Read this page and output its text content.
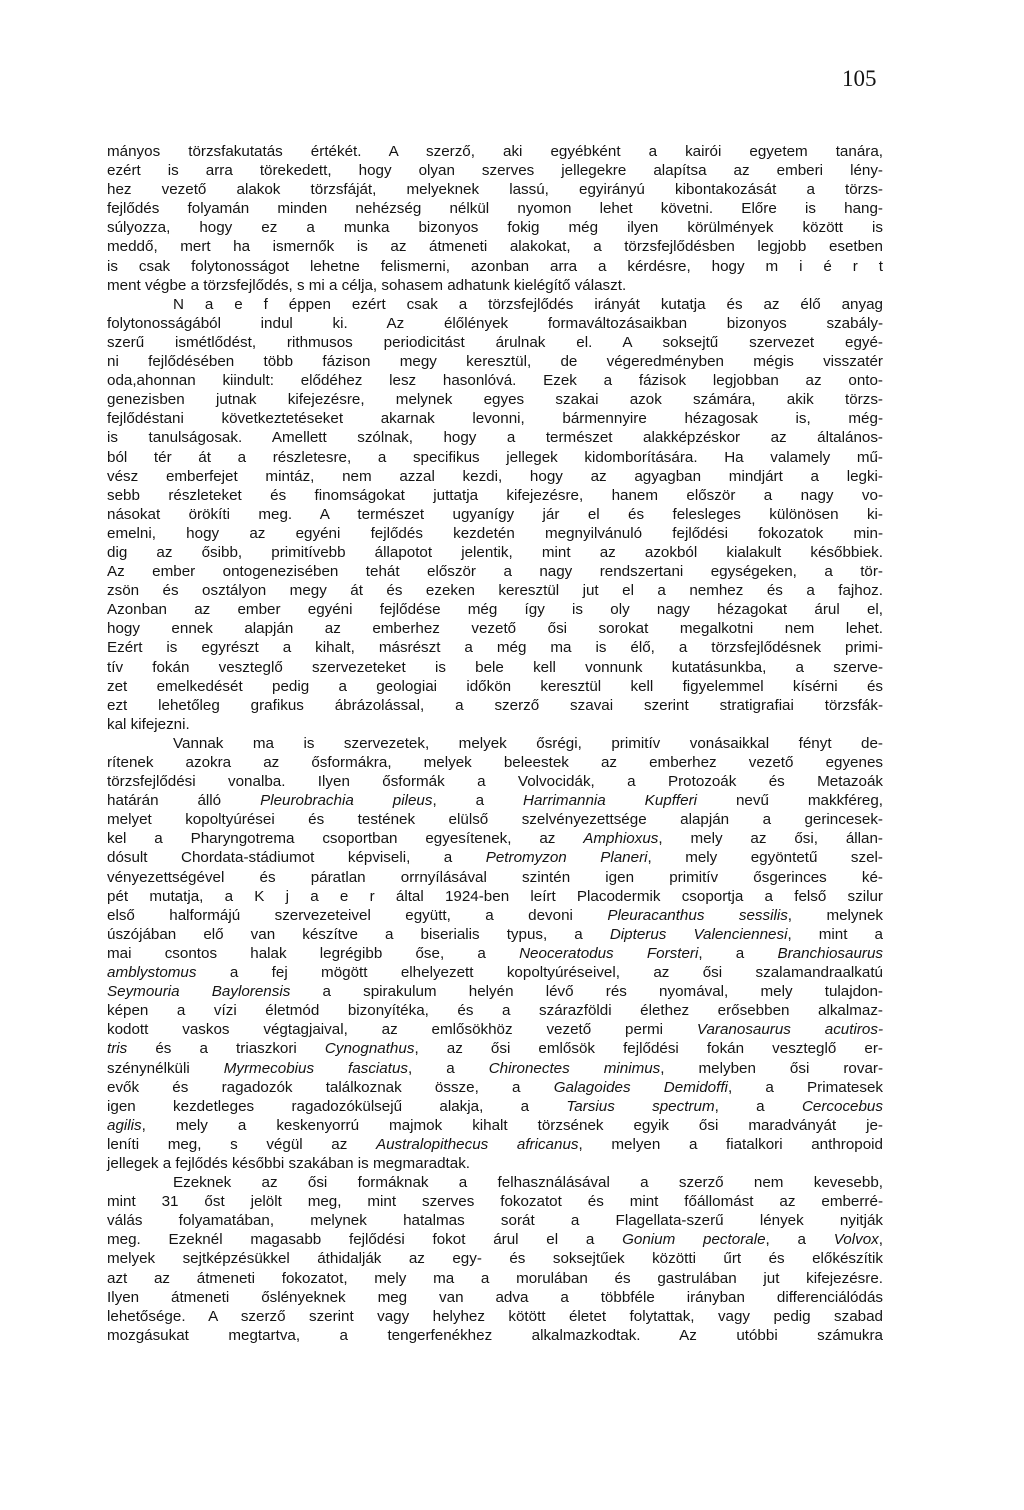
105
mányos törzsfakutatás értékét. A szerző, aki egyébként a kairói egyetem tanára,
ezért is arra törekedett, hogy olyan szerves jellegekre alapítsa az emberi lény-
hez vezető alakok törzsfáját, melyeknek lassú, egyirányú kibontakozását a törzs-
fejlődés folyamán minden nehézség nélkül nyomon lehet követni. Előre is hang-
súlyozza, hogy ez a munka bizonyos fokig még ilyen körülmények között is
meddő, mert ha ismernők is az átmeneti alakokat, a törzsfejlődésben legjobb esetben
is csak folytonosságot lehetne felismerni, azonban arra a kérdésre, hogy m i é r t
ment végbe a törzsfejlődés, s mi a célja, sohasem adhatunk kielégítő választ.
N a e f éppen ezért csak a törzsfejlődés irányát kutatja és az élő anyag
folytonosságából indul ki. Az élőlények formaváltozásaikban bizonyos szabály-
szerű ismétlődést, rithmusos periodicitást árulnak el. A soksejtű szervezet egyé-
ni fejlődésében több fázison megy keresztül, de végeredményben mégis visszatér
oda,ahonnan kiindult: elődéhez lesz hasonlóvá. Ezek a fázisok legjobban az onto-
genezisben jutnak kifejezésre, melynek egyes szakai azok számára, akik törzs-
fejlődéstani következtetéseket akarnak levonni, bármennyire hézagosak is, még-
is tanulságosak. Amellett szólnak, hogy a természet alakképzéskor az általános-
ból tér át a részletesre, a specifikus jellegek kidomborítására. Ha valamely mű-
vész emberfejet mintáz, nem azzal kezdi, hogy az agyagban mindjárt a legki-
sebb részleteket és finomságokat juttatja kifejezésre, hanem először a nagy vo-
násokat örökíti meg. A természet ugyanígy jár el és felesleges különösen ki-
emelni, hogy az egyéni fejlődés kezdetén megnyilvánuló fejlődési fokozatok min-
dig az ősibb, primitívebb állapotot jelentik, mint az azokból kialakult későbbiek.
Az ember ontogenezisében tehát először a nagy rendszertani egységeken, a tör-
zsön és osztályon megy át és ezeken keresztül jut el a nemhez és a fajhoz.
Azonban az ember egyéni fejlődése még így is oly nagy hézagokat árul el,
hogy ennek alapján az emberhez vezető ősi sorokat megalkotni nem lehet.
Ezért is egyrészt a kihalt, másrészt a még ma is élő, a törzsfejlődésnek primi-
tív fokán veszteglő szervezeteket is bele kell vonnunk kutatásunkba, a szerve-
zet emelkedését pedig a geologiai időkön keresztül kell figyelemmel kísérni és
ezt lehetőleg grafikus ábrázolással, a szerző szavai szerint stratigrafiai törzsfák-
kal kifejezni.
Vannak ma is szervezetek, melyek ősrégi, primitív vonásaikkal fényt de-
rítenek azokra az ősformákra, melyek beleestek az emberhez vezető egyenes
törzsfejlődési vonalba. Ilyen ősformák a Volvocidák, a Protozoák és Metazoák
határán álló Pleurobrachia pileus, a Harrimannia Kupfferi nevű makkféreg,
melyet kopoltyúrései és testének elülső szelvényezettsége alapján a gerincesek-
kel a Pharyngotrema csoportban egyesítenek, az Amphioxus, mely az ősi, állan-
dósult Chordata-stádiumot képviseli, a Petromyzon Planeri, mely egyöntetű szel-
vényezettségével és páratlan orrnyílásával szintén igen primitív ősgerinces ké-
pét mutatja, a K j a e r által 1924-ben leírt Placodermik csoportja a felső szilur
első halformájú szervezeteivel együtt, a devoni Pleuracanthus sessilis, melynek
úszójában elő van készítve a biserialis typus, a Dipterus Valenciennesi, mint a
mai csontos halak legrégibb őse, a Neoceratodus Forsteri, a Branchiosaurus
amblystomus a fej mögött elhelyezett kopoltyúréseivel, az ősi szalamandraalkatú
Seymouria Baylorensis a spirakulum helyén lévő rés nyomával, mely tulajdon-
képen a vízi életmód bizonyítéka, és a szárazföldi élethez erősebben alkalmaz-
kodott vaskos végtagjaival, az emlősökhöz vezető permi Varanosaurus acutiros-
tris és a triaszkori Cynognathus, az ősi emlősök fejlődési fokán veszteglő er-
szénynélküli Myrmecobius fasciatus, a Chironectes minimus, melyben ősi rovar-
evők és ragadozók találkoznak össze, a Galagoides Demidoffi, a Primatesek
igen kezdetleges ragadozókülsejű alakja, a Tarsius spectrum, a Cercocebus
agilis, mely a keskenyorrú majmok kihalt törzsének egyik ősi maradványát je-
leníti meg, s végül az Australopithecus africanus, melyen a fiatalkori anthropoid
jellegek a fejlődés későbbi szakában is megmaradtak.
Ezeknek az ősi formáknak a felhasználásával a szerző nem kevesebb,
mint 31 őst jelölt meg, mint szerves fokozatot és mint főállomást az emberré-
válás folyamatában, melynek hatalmas sorát a Flagellata-szerű lények nyitják
meg. Ezeknél magasabb fejlődési fokot árul el a Gonium pectorale, a Volvox,
melyek sejtképzésükkel áthidalják az egy- és soksejtűek közötti űrt és előkészítik
azt az átmeneti fokozatot, mely ma a morulában és gastrulában jut kifejezésre.
Ilyen átmeneti őslényeknek meg van adva a többféle irányban differenciálódás
lehetősége. A szerző szerint vagy helyhez kötött életet folytattak, vagy pedig szabad
mozgásukat megtartva, a tengerfenékhez alkalmazkodtak. Az utóbbi számukra
